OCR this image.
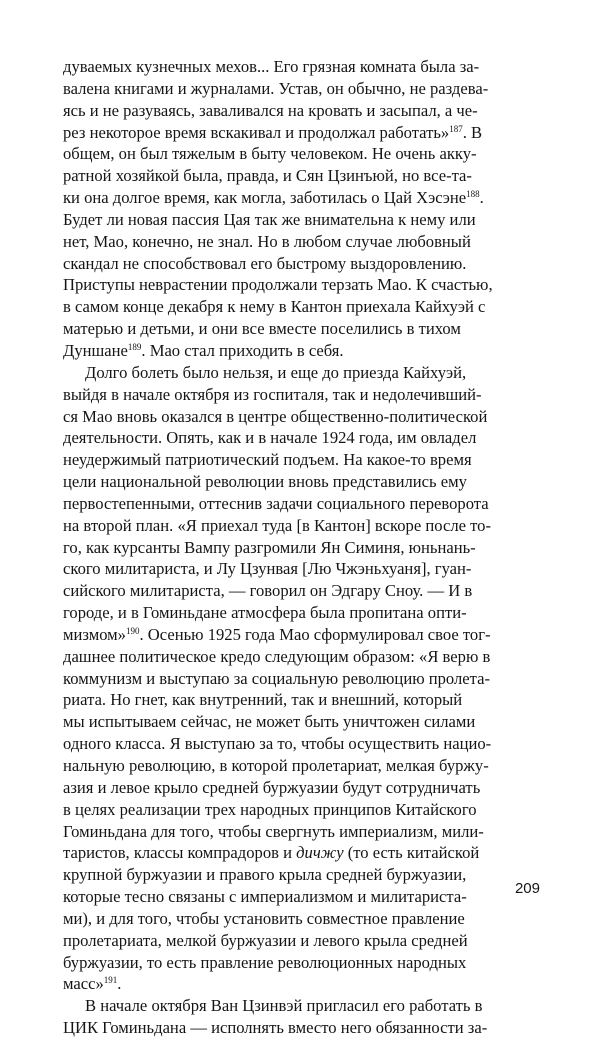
дуваемых кузнечных мехов... Его грязная комната была за-
валена книгами и журналами. Устав, он обычно, не раздева-
ясь и не разуваясь, заваливался на кровать и засыпал, а че-
рез некоторое время вскакивал и продолжал работать»$^{187}$. В
общем, он был тяжелым в быту человеком. Не очень акку-
ратной хозяйкой была, правда, и Сян Цзинъюй, но все-та-
ки она долгое время, как могла, заботилась о Цай Хэсэне$^{188}$.
Будет ли новая пассия Цая так же внимательна к нему или
нет, Мао, конечно, не знал. Но в любом случае любовный
скандал не способствовал его быстрому выздоровлению.
Приступы неврастении продолжали терзать Мао. К счастью,
в самом конце декабря к нему в Кантон приехала Кайхуэй с
матерью и детьми, и они все вместе поселились в тихом
Дуншане$^{189}$. Мао стал приходить в себя.
Долго болеть было нельзя, и еще до приезда Кайхуэй,
выйдя в начале октября из госпиталя, так и недолечивший-
ся Мао вновь оказался в центре общественно-политической
деятельности. Опять, как и в начале 1924 года, им овладел
неудержимый патриотический подъем. На какое-то время
цели национальной революции вновь представились ему
первостепенными, оттеснив задачи социального переворота
на второй план. «Я приехал туда [в Кантон] вскоре после то-
го, как курсанты Вампу разгромили Ян Симиня, юньнань-
ского милитариста, и Лу Цзунвая [Лю Чжэньхуаня], гуан-
сийского милитариста, — говорил он Эдгару Сноу. — И в
городе, и в Гоминьдане атмосфера была пропитана опти-
мизмом»$^{190}$. Осенью 1925 года Мао сформулировал свое тог-
дашнее политическое кредо следующим образом: «Я верю в
коммунизм и выступаю за социальную революцию пролета-
риата. Но гнет, как внутренний, так и внешний, который
мы испытываем сейчас, не может быть уничтожен силами
одного класса. Я выступаю за то, чтобы осуществить нацио-
нальную революцию, в которой пролетариат, мелкая буржу-
азия и левое крыло средней буржуазии будут сотрудничать
в целях реализации трех народных принципов Китайского
Гоминьдана для того, чтобы свергнуть империализм, мили-
таристов, классы компрадоров и дичжу (то есть китайской
крупной буржуазии и правого крыла средней буржуазии,
которые тесно связаны с империализмом и милитариста-
ми), и для того, чтобы установить совместное правление
пролетариата, мелкой буржуазии и левого крыла средней
буржуазии, то есть правление революционных народных
масс»$^{191}$.
В начале октября Ван Цзинвэй пригласил его работать в
ЦИК Гоминьдана — исполнять вместо него обязанности за-
209
